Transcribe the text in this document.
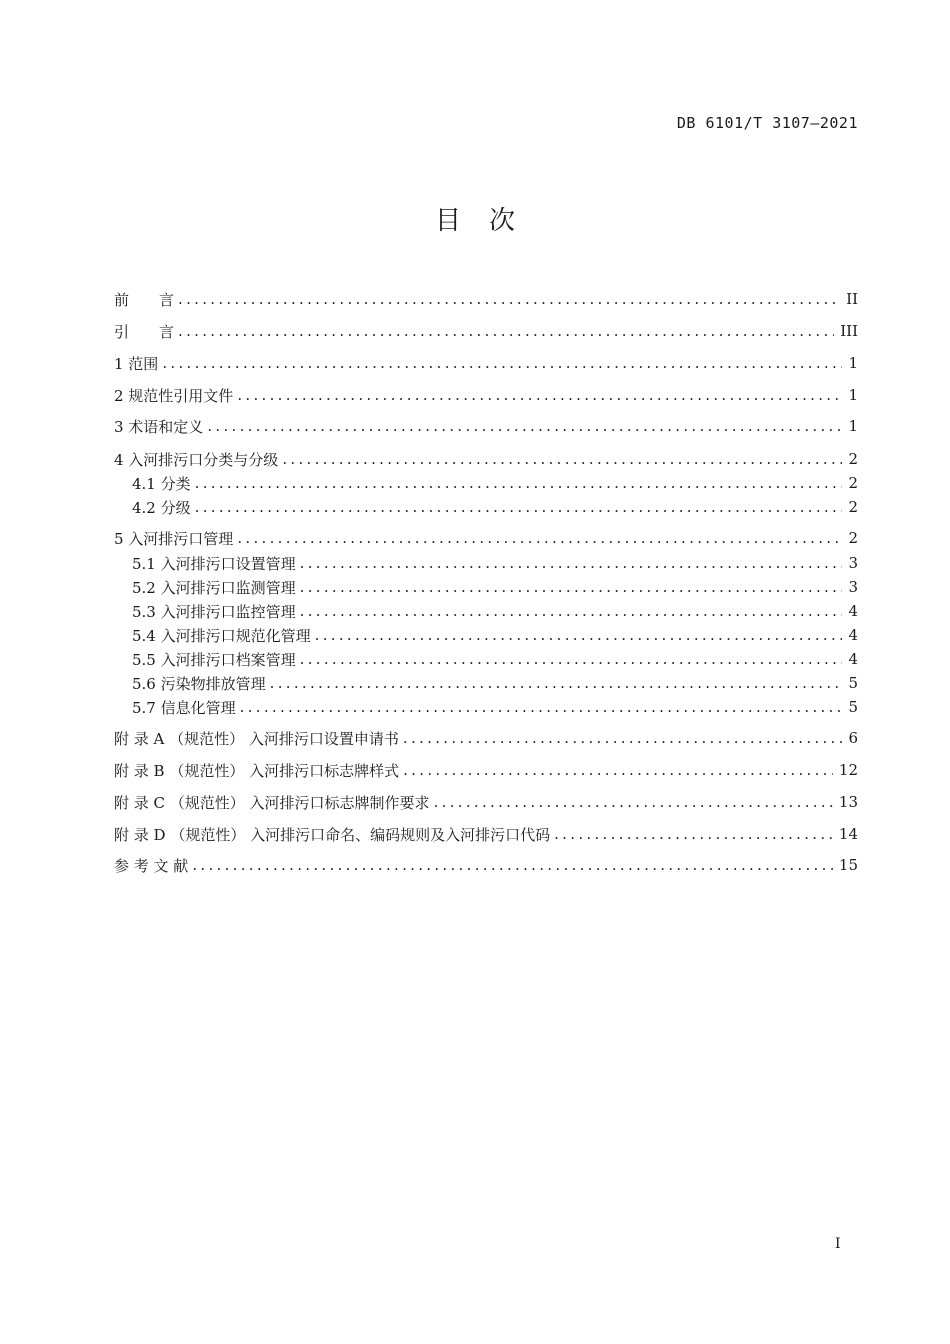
DB 6101/T 3107—2021
目次
前　　言 .....	II
引　　言 .....	III
1 范围 .....	1
2 规范性引用文件 .....	1
3 术语和定义 .....	1
4 入河排污口分类与分级 .....	2
4.1 分类 .....	2
4.2 分级 .....	2
5 入河排污口管理 .....	2
5.1 入河排污口设置管理 .....	3
5.2 入河排污口监测管理 .....	3
5.3 入河排污口监控管理 .....	4
5.4 入河排污口规范化管理 .....	4
5.5 入河排污口档案管理 .....	4
5.6 污染物排放管理 .....	5
5.7 信息化管理 .....	5
附 录 A （规范性） 入河排污口设置申请书 .....	6
附 录 B （规范性） 入河排污口标志牌样式 .....	12
附 录 C （规范性） 入河排污口标志牌制作要求 .....	13
附 录 D （规范性） 入河排污口命名、编码规则及入河排污口代码 .....	14
参 考 文 献 .....	15
I
